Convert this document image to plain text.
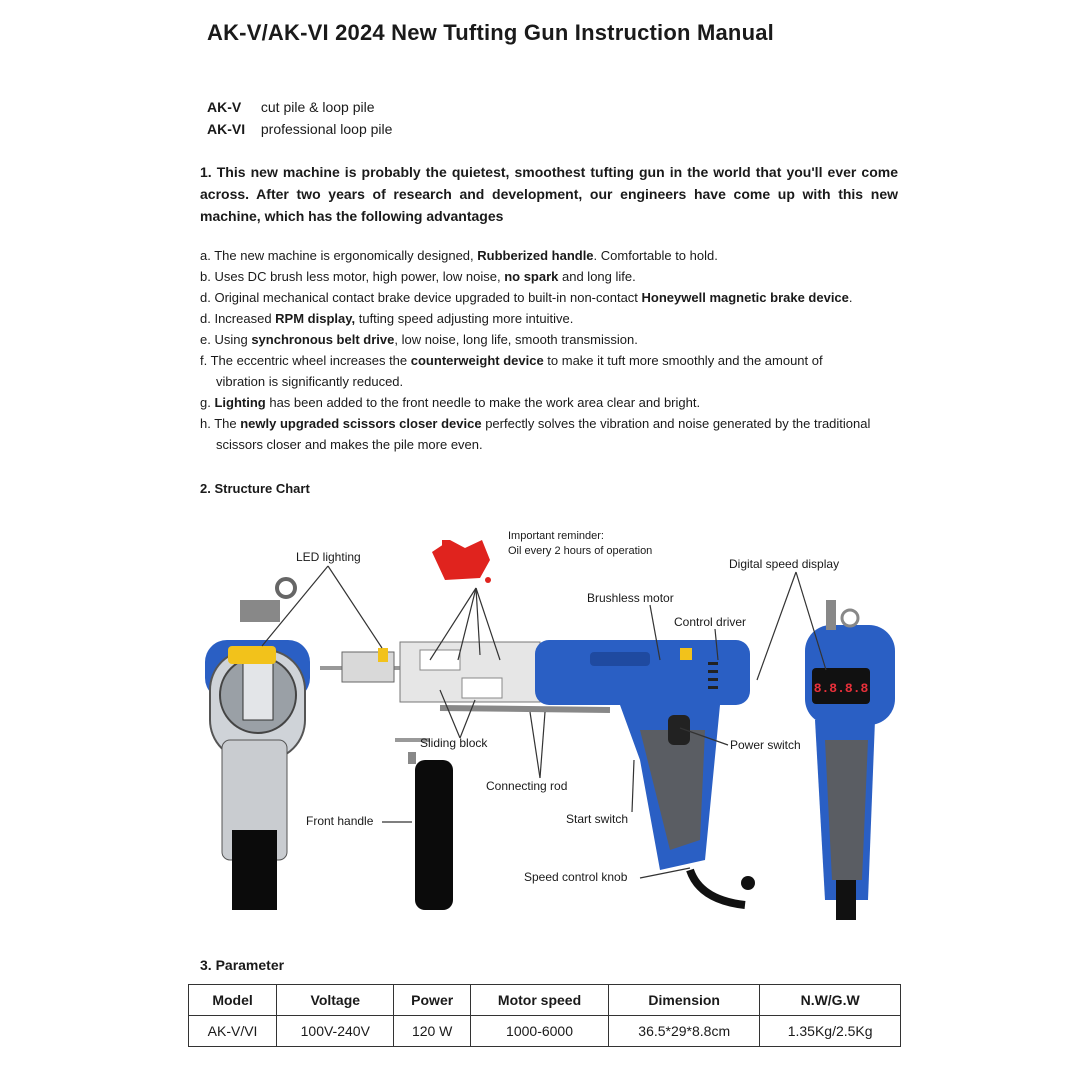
AK-V/AK-VI 2024 New Tufting Gun Instruction Manual
AK-V cut pile & loop pile
AK-VI professional loop pile
1. This new machine is probably the quietest, smoothest tufting gun in the world that you'll ever come across. After two years of research and development, our engineers have come up with this new machine, which has the following advantages

a. The new machine is ergonomically designed, Rubberized handle. Comfortable to hold.

b. Uses DC brush less motor, high power, low noise, no spark and long life.

d. Original mechanical contact brake device upgraded to built-in non-contact Honeywell magnetic brake device.

d. Increased RPM display, tufting speed adjusting more intuitive.

e. Using synchronous belt drive, low noise, long life, smooth transmission.

f. The eccentric wheel increases the counterweight device to make it tuft more smoothly and the amount of
vibration is significantly reduced.

g. Lighting has been added to the front needle to make the work area clear and bright.

h. The newly upgraded scissors closer device perfectly solves the vibration and noise generated by the traditional
scissors closer and makes the pile more even.

2. Structure Chart
8.8.8.8
Important reminder:
Oil every 2 hours of operation
LED lighting	Digital speed display
Brushless motor
Control driver
Sliding block	Power switch
Connecting rod
Front handle	Start switch
Speed control knob
3. Parameter
Model	Voltage	Power	Motor speed	Dimension	N.W/G.W
AK-V/VI	100V-240V	120 W	1000-6000	36.5*29*8.8cm	1.35Kg/2.5Kg
